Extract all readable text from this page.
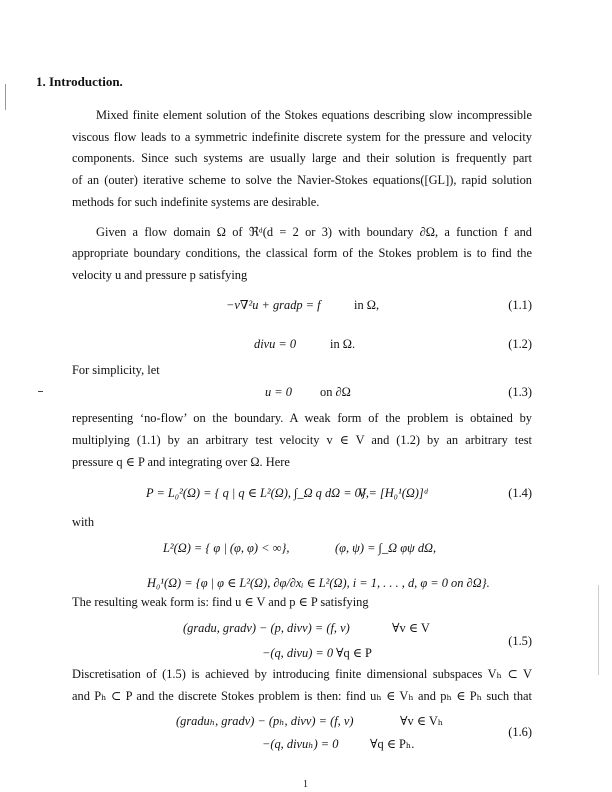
1. Introduction.
Mixed finite element solution of the Stokes equations describing slow incompressible
viscous flow leads to a symmetric indefinite discrete system for the pressure and velocity
components. Since such systems are usually large and their solution is frequently part
of an (outer) iterative scheme to solve the Navier-Stokes equations([GL]), rapid solution
methods for such indefinite systems are desirable.
Given a flow domain Ω of ℜᵈ(d = 2 or 3) with boundary ∂Ω, a function f and
appropriate boundary conditions, the classical form of the Stokes problem is to find the
velocity u and pressure p satisfying
−ν∇²u + gradp = f	in Ω,	(1.1)
divu = 0	in Ω.	(1.2)
For simplicity, let
u = 0 on ∂Ω	(1.3)
representing ‘no-flow’ on the boundary. A weak form of the problem is obtained by
multiplying (1.1) by an arbitrary test velocity v ∈ V and (1.2) by an arbitrary test
pressure q ∈ P and integrating over Ω. Here
P = L₀²(Ω) = { q | q ∈ L²(Ω), ∫_Ω q dΩ = 0},
V = [H₀¹(Ω)]ᵈ	(1.4)
with
L²(Ω) = { φ | (φ, φ) < ∞},	(φ, ψ) = ∫_Ω φψ dΩ,
H₀¹(Ω) = {φ | φ ∈ L²(Ω), ∂φ/∂xᵢ ∈ L²(Ω), i = 1, . . . , d, φ = 0 on ∂Ω}.
The resulting weak form is: find u ∈ V and p ∈ P satisfying
(gradu, gradv) − (p, divv) = (f, v)	∀v ∈ V
−(q, divu) = 0 ∀q ∈ P
(1.5)
Discretisation of (1.5) is achieved by introducing finite dimensional subspaces Vₕ ⊂ V
and Pₕ ⊂ P and the discrete Stokes problem is then: find uₕ ∈ Vₕ and pₕ ∈ Pₕ such that
(graduₕ, gradv) − (pₕ, divv) = (f, v)	∀v ∈ Vₕ
−(q, divuₕ) = 0	∀q ∈ Pₕ.
(1.6)
1
